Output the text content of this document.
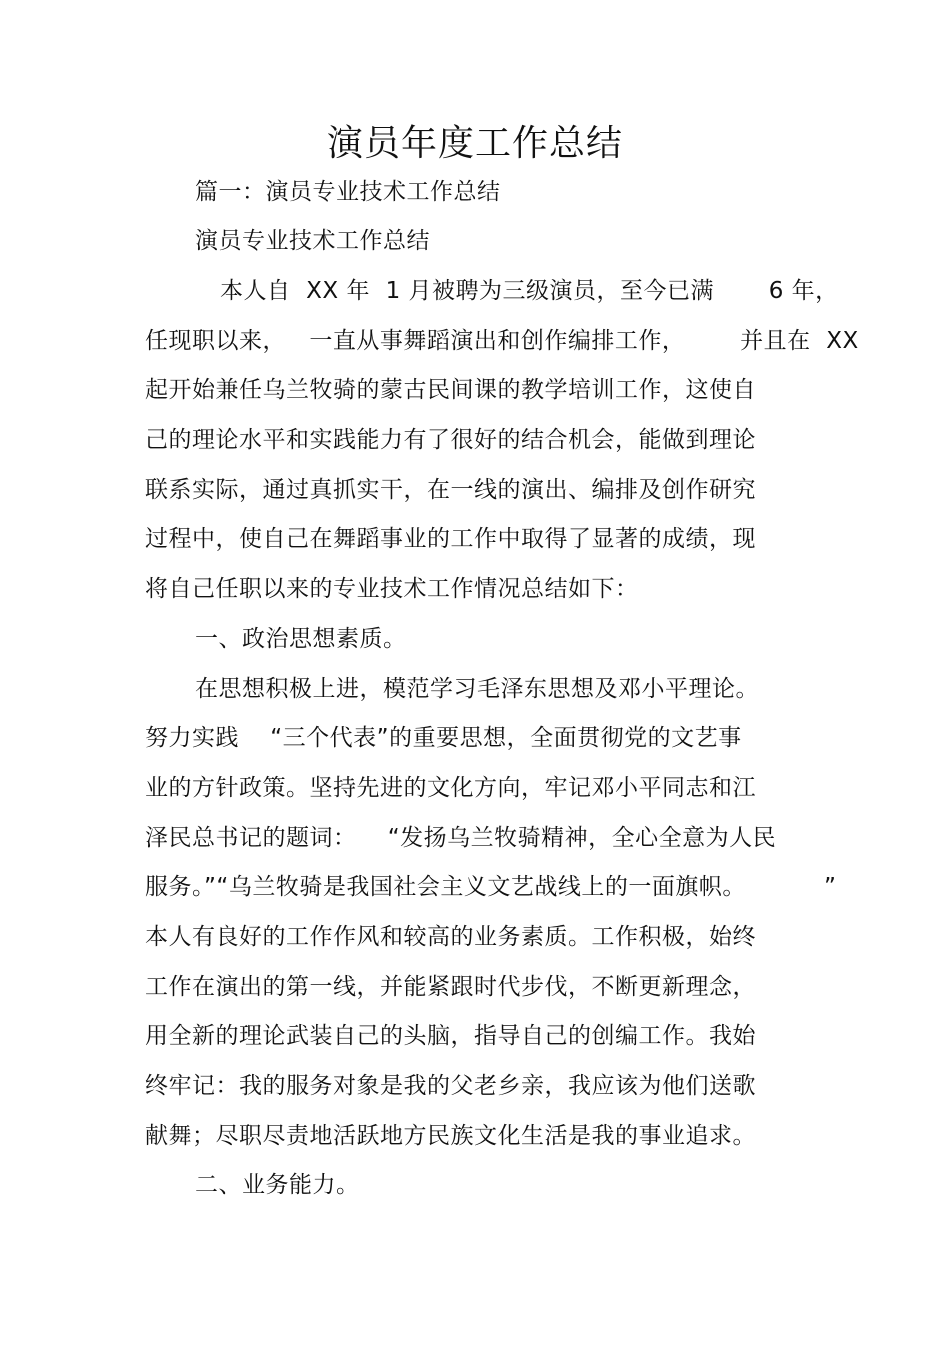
演员年度工作总结
篇一：演员专业技术工作总结
演员专业技术工作总结
本人自  XX 年  1 月被聘为三级演员，至今已满       6 年，
任现职以来，   一直从事舞蹈演出和创作编排工作，       并且在  XX
起开始兼任乌兰牧骑的蒙古民间课的教学培训工作，这使自
己的理论水平和实践能力有了很好的结合机会，能做到理论
联系实际，通过真抓实干，在一线的演出、编排及创作研究
过程中，使自己在舞蹈事业的工作中取得了显著的成绩，现
将自己任职以来的专业技术工作情况总结如下：
一、政治思想素质。
在思想积极上进，模范学习毛泽东思想及邓小平理论。
努力实践    “三个代表”的重要思想，全面贯彻党的文艺事
业的方针政策。坚持先进的文化方向，牢记邓小平同志和江
泽民总书记的题词：    “发扬乌兰牧骑精神，全心全意为人民
服务。”“乌兰牧骑是我国社会主义文艺战线上的一面旗帜。          ”
本人有良好的工作作风和较高的业务素质。工作积极，始终
工作在演出的第一线，并能紧跟时代步伐，不断更新理念，
用全新的理论武装自己的头脑，指导自己的创编工作。我始
终牢记：我的服务对象是我的父老乡亲，我应该为他们送歌
献舞；尽职尽责地活跃地方民族文化生活是我的事业追求。
二、业务能力。
